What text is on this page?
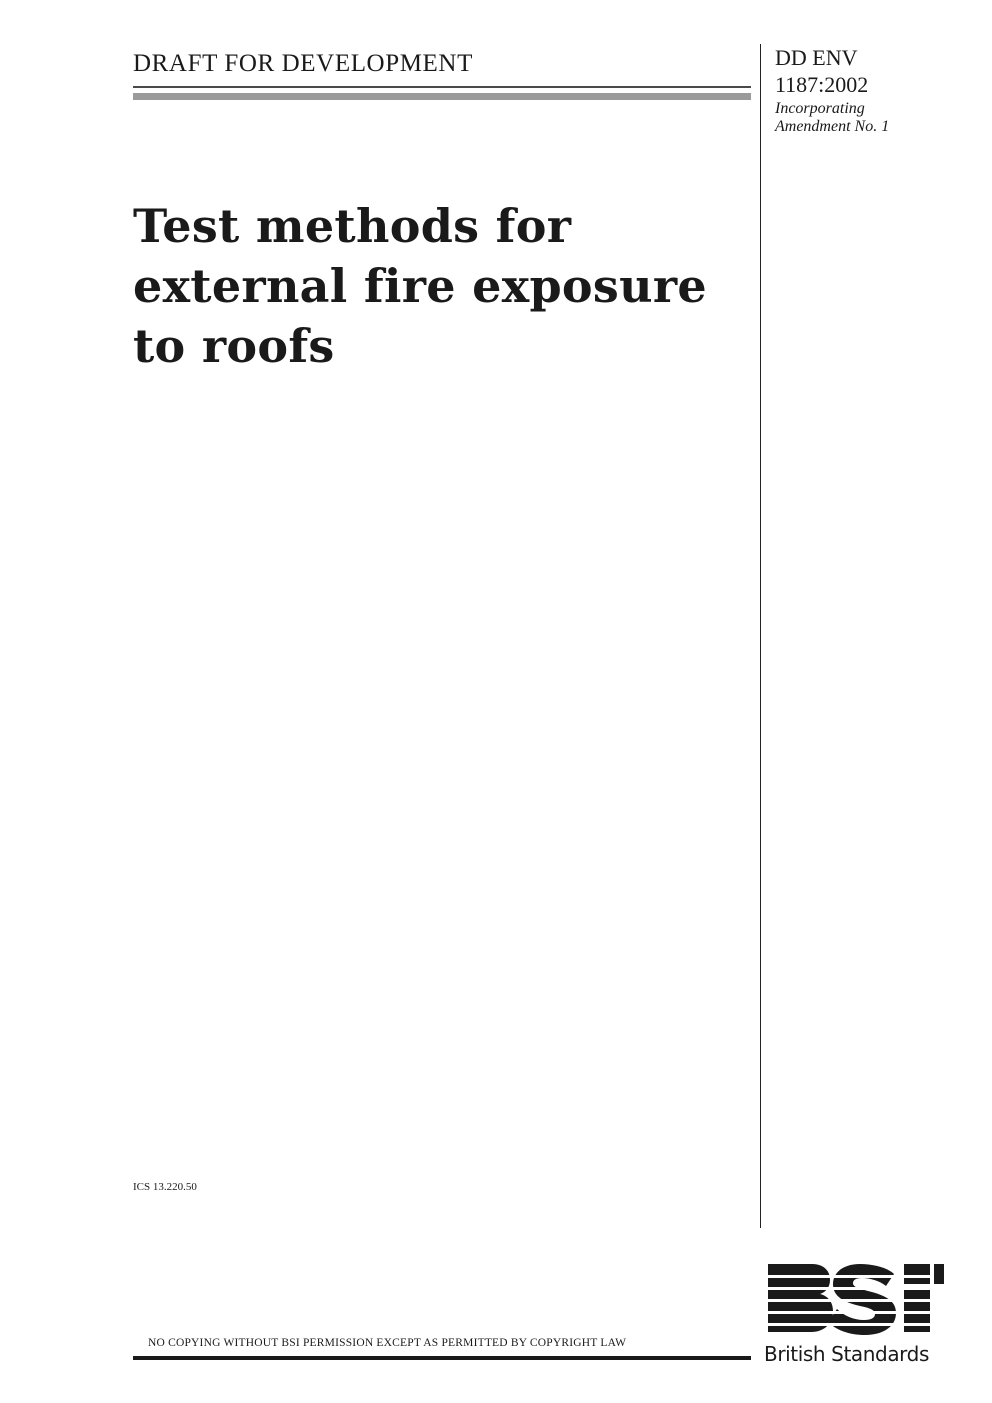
DRAFT FOR DEVELOPMENT	DD ENV
1187:2002
Incorporating
Amendment No. 1
Test methods for
external fire exposure
to roofs
ICS 13.220.50
NO COPYING WITHOUT BSI PERMISSION EXCEPT AS PERMITTED BY COPYRIGHT LAW	British Standards
